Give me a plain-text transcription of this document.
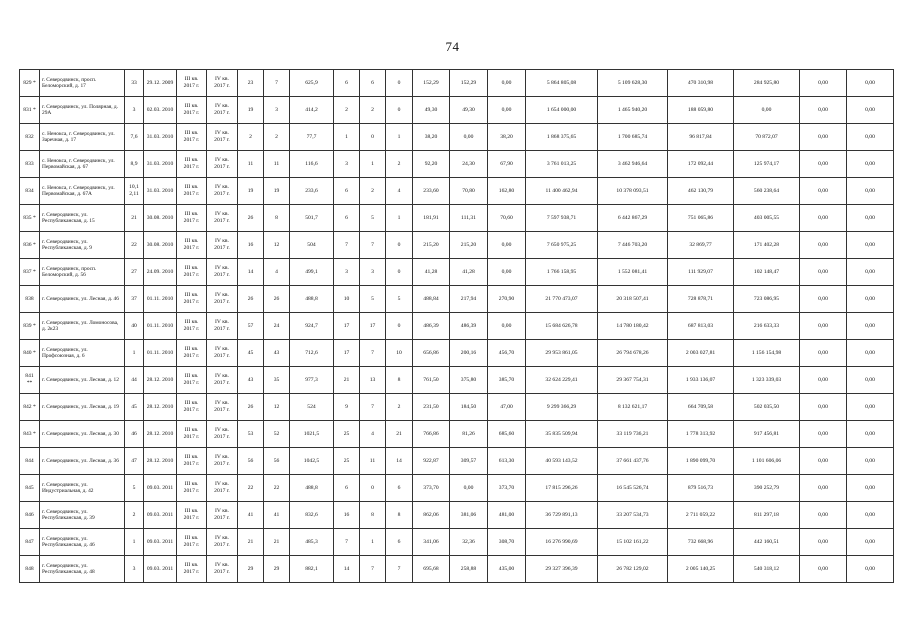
74
829 *	г. Северодвинск, просп. Беломорский, д. 17	33	29.12. 2009	III кв. 2017 г.	IV кв. 2017 г.	23	7	625,9	6	6	0	152,29	152,29	0,00	5 864 805,08	5 109 628,30	470 310,98	284 925,80	0,00	0,00
831 *	г. Северодвинск, ул. Полярная, д. 29А	3	02.03. 2010	III кв. 2017 г.	IV кв. 2017 г.	19	3	414,2	2	2	0	49,30	49,30	0,00	1 654 000,00	1 465 940,20	188 059,80	0,00	0,00	0,00
832	с. Ненокса, г. Северодвинск, ул. Заречная, д. 17	7,6	31.03. 2010	III кв. 2017 г.	IV кв. 2017 г.	2	2	77,7	1	0	1	38,20	0,00	38,20	1 868 375,65	1 700 685,74	96 817,84	70 872,07	0,00	0,00
833	с. Ненокса, г. Северодвинск, ул. Первомайская, д. 67	8,9	31.03. 2010	III кв. 2017 г.	IV кв. 2017 г.	11	11	116,6	3	1	2	92,20	24,30	67,90	3 761 013,25	3 462 946,64	172 092,44	125 974,17	0,00	0,00
834	с. Ненокса, г. Северодвинск, ул. Первомайская, д. 67А	10,1 2,11	31.03. 2010	III кв. 2017 г.	IV кв. 2017 г.	19	19	233,6	6	2	4	233,60	70,80	162,80	11 400 462,94	10 378 093,51	462 130,79	560 238,64	0,00	0,00
835 *	г. Северодвинск, ул. Республиканская, д. 15	21	30.08. 2010	III кв. 2017 г.	IV кв. 2017 г.	26	8	501,7	6	5	1	181,91	111,31	70,60	7 597 938,71	6 442 867,29	751 065,86	403 005,55	0,00	0,00
836 *	г. Северодвинск, ул. Республиканская, д. 9	22	30.08. 2010	III кв. 2017 г.	IV кв. 2017 г.	16	12	504	7	7	0	215,20	215,20	0,00	7 650 975,25	7 446 703,20	32 869,77	171 402,28	0,00	0,00
837 *	г. Северодвинск, просп. Беломорский, д. 56	27	24.09. 2010	III кв. 2017 г.	IV кв. 2017 г.	14	4	499,1	3	3	0	41,28	41,28	0,00	1 766 158,95	1 552 081,41	111 929,07	102 148,47	0,00	0,00
838	г. Северодвинск, ул. Лесная, д. 46	37	01.11. 2010	III кв. 2017 г.	IV кв. 2017 г.	26	26	488,8	10	5	5	488,84	217,94	270,90	21 770 473,07	20 318 507,41	728 878,71	723 086,95	0,00	0,00
839 *	г. Северодвинск, ул. Ломоносова, д. 2к23	40	01.11. 2010	III кв. 2017 г.	IV кв. 2017 г.	57	24	924,7	17	17	0	486,39	486,39	0,00	15 684 626,78	14 780 180,42	687 813,03	216 633,33	0,00	0,00
840 *	г. Северодвинск, ул. Профсоюзная, д. 6	1	01.11. 2010	III кв. 2017 г.	IV кв. 2017 г.	45	43	712,6	17	7	10	656,86	200,16	456,70	29 953 861,05	26 794 678,26	2 003 027,81	1 156 154,98	0,00	0,00
841 **	г. Северодвинск, ул. Лесная, д. 12	44	28.12. 2010	III кв. 2017 г.	IV кв. 2017 г.	43	35	977,3	21	13	8	761,50	375,80	385,70	32 624 229,41	29 367 754,31	1 933 136,07	1 323 339,03	0,00	0,00
842 *	г. Северодвинск, ул. Лесная, д. 19	45	28.12. 2010	III кв. 2017 г.	IV кв. 2017 г.	26	12	524	9	7	2	231,50	184,50	47,00	9 299 366,29	8 132 621,17	664 709,58	502 035,50	0,00	0,00
843 *	г. Северодвинск, ул. Лесная, д. 30	46	28.12. 2010	III кв. 2017 г.	IV кв. 2017 г.	53	52	1021,5	25	4	21	766,86	81,26	685,60	35 835 509,94	33 119 736,21	1 778 313,92	917 456,81	0,00	0,00
844	г. Северодвинск, ул. Лесная, д. 36	47	28.12. 2010	III кв. 2017 г.	IV кв. 2017 г.	56	56	1042,5	25	11	14	922,87	309,57	613,30	40 593 143,52	37 661 437,76	1 890 099,70	1 101 606,06	0,00	0,00
845	г. Северодвинск, ул. Индустриальная, д. 42	5	09.03. 2011	III кв. 2017 г.	IV кв. 2017 г.	22	22	488,8	6	0	6	373,70	0,00	373,70	17 815 296,26	16 545 526,74	879 516,73	390 252,79	0,00	0,00
846	г. Северодвинск, ул. Республиканская, д. 39	2	09.03. 2011	III кв. 2017 г.	IV кв. 2017 г.	41	41	832,6	16	8	8	862,06	381,06	481,00	36 729 891,13	33 207 534,73	2 711 059,22	811 297,18	0,00	0,00
847	г. Северодвинск, ул. Республиканская, д. 46	1	09.03. 2011	III кв. 2017 г.	IV кв. 2017 г.	21	21	485,3	7	1	6	341,06	32,36	308,70	16 276 990,69	15 102 161,22	732 668,96	442 160,51	0,00	0,00
848	г. Северодвинск, ул. Республиканская, д. 48	3	09.03. 2011	III кв. 2017 г.	IV кв. 2017 г.	29	29	882,1	14	7	7	695,68	258,88	435,00	29 327 396,39	26 782 129,02	2 005 140,25	540 318,12	0,00	0,00
